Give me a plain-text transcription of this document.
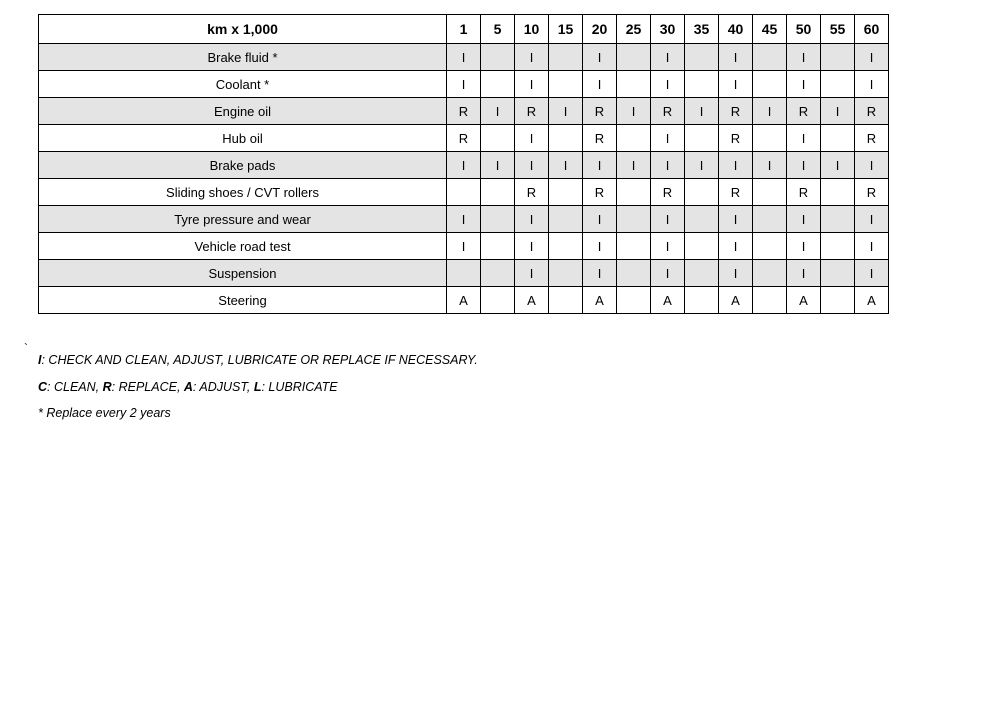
km x 1,000	1	5	10	15	20	25	30	35	40	45	50	55	60
Brake fluid *	I		I		I		I		I		I		I
Coolant *	I		I		I		I		I		I		I
Engine oil	R	I	R	I	R	I	R	I	R	I	R	I	R
Hub oil	R		I		R		I		R		I		R
Brake pads	I	I	I	I	I	I	I	I	I	I	I	I	I
Sliding shoes / CVT rollers			R		R		R		R		R		R
Tyre pressure and wear	I		I		I		I		I		I		I
Vehicle road test	I		I		I		I		I		I		I
Suspension			I		I		I		I		I		I
Steering	A		A		A		A		A		A		A
`
I: CHECK AND CLEAN, ADJUST, LUBRICATE OR REPLACE IF NECESSARY.
C: CLEAN, R: REPLACE, A: ADJUST, L: LUBRICATE
* Replace every 2 years
